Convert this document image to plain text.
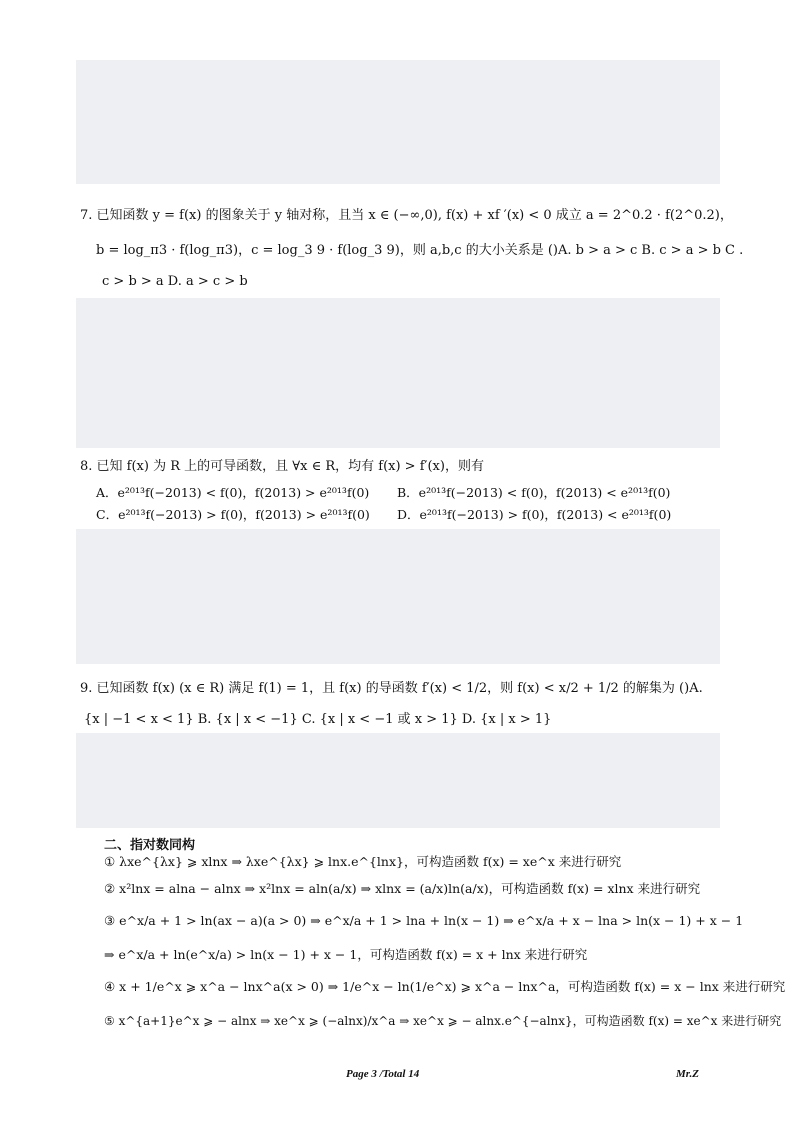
7. 已知函数 y = f(x) 的图象关于 y 轴对称，且当 x ∈ (−∞,0), f(x) + xf ′(x) < 0 成立 a = 2^0.2 · f(2^0.2)，
b = log_π3 · f(log_π3)，c = log_3 9 · f(log_3 9)，则 a,b,c 的大小关系是 ()A. b > a > c B. c > a > b C .
c > b > a D. a > c > b
8. 已知 f(x) 为 R 上的可导函数，且 ∀x ∈ R，均有 f(x) > f′(x)，则有
A．e²⁰¹³f(−2013) < f(0)，f(2013) > e²⁰¹³f(0) B．e²⁰¹³f(−2013) < f(0)，f(2013) < e²⁰¹³f(0)
C．e²⁰¹³f(−2013) > f(0)，f(2013) > e²⁰¹³f(0) D．e²⁰¹³f(−2013) > f(0)，f(2013) < e²⁰¹³f(0)
9. 已知函数 f(x) (x ∈ R) 满足 f(1) = 1，且 f(x) 的导函数 f′(x) < 1/2，则 f(x) < x/2 + 1/2 的解集为 ()A.
{x | −1 < x < 1} B. {x | x < −1} C. {x | x < −1 或 x > 1} D. {x | x > 1}
二、指对数同构
① λxe^{λx} ⩾ xlnx ⇒ λxe^{λx} ⩾ lnx.e^{lnx}，可构造函数 f(x) = xe^x 来进行研究
② x²lnx = alna − alnx ⇒ x²lnx = aln(a/x) ⇒ xlnx = (a/x)ln(a/x)，可构造函数 f(x) = xlnx 来进行研究
③ e^x/a + 1 > ln(ax − a)(a > 0) ⇒ e^x/a + 1 > lna + ln(x − 1) ⇒ e^x/a + x − lna > ln(x − 1) + x − 1
⇒ e^x/a + ln(e^x/a) > ln(x − 1) + x − 1，可构造函数 f(x) = x + lnx 来进行研究
④ x + 1/e^x ⩾ x^a − lnx^a(x > 0) ⇒ 1/e^x − ln(1/e^x) ⩾ x^a − lnx^a，可构造函数 f(x) = x − lnx 来进行研究
⑤ x^{a+1}e^x ⩾ − alnx ⇒ xe^x ⩾ (−alnx)/x^a ⇒ xe^x ⩾ − alnx.e^{−alnx}，可构造函数 f(x) = xe^x 来进行研究
Page 3 /Total 14	Mr.Z
